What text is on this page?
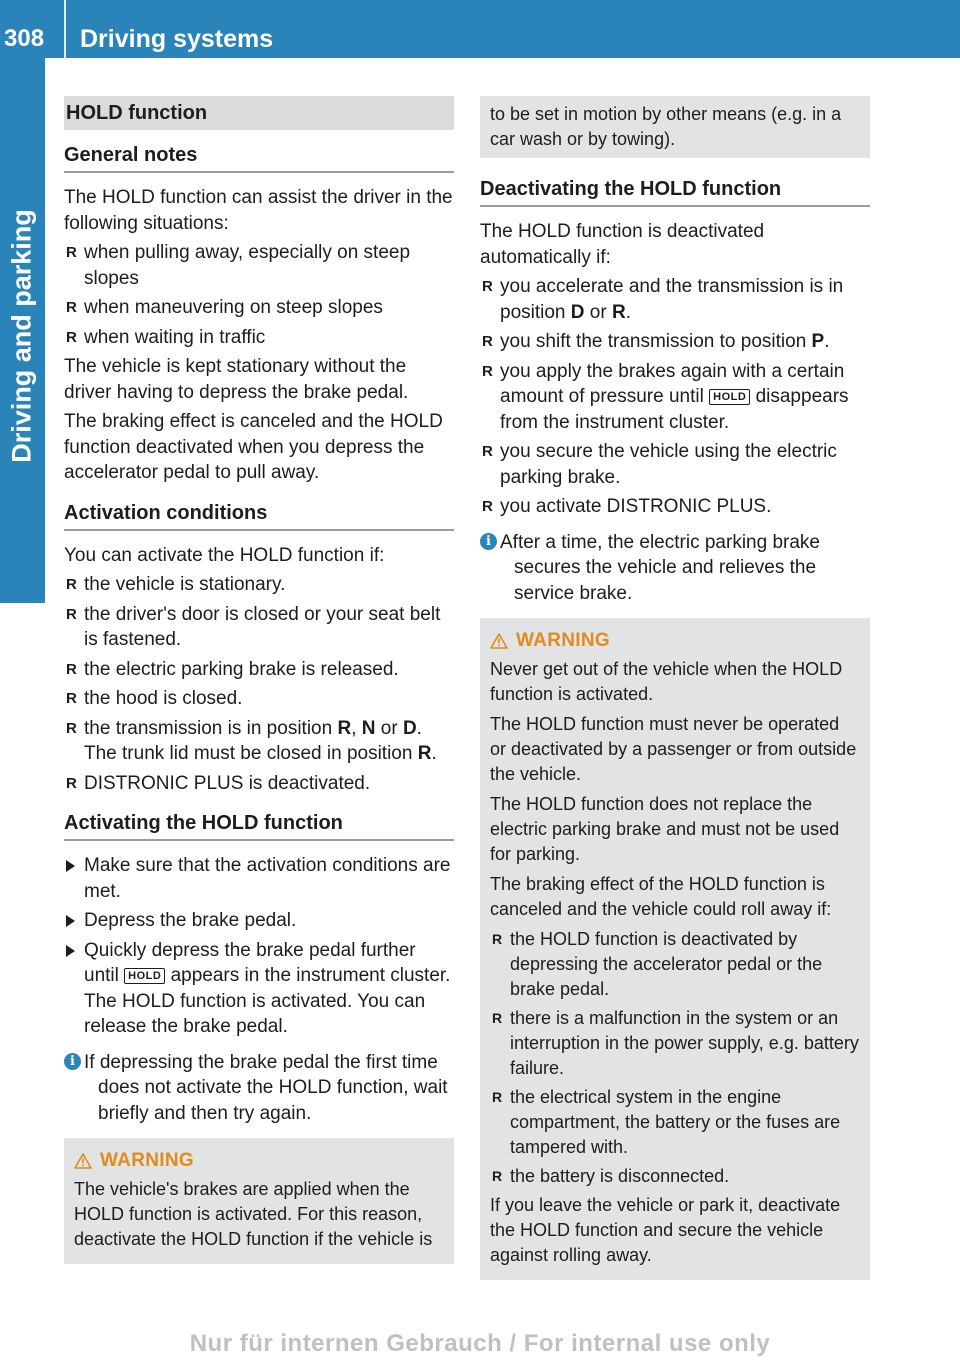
308	Driving systems
Driving and parking
HOLD function
General notes

The HOLD function can assist the driver in the following situations:

R when pulling away, especially on steep slopes
R when maneuvering on steep slopes
R when waiting in traffic

The vehicle is kept stationary without the driver having to depress the brake pedal.

The braking effect is canceled and the HOLD function deactivated when you depress the accelerator pedal to pull away.

Activation conditions

You can activate the HOLD function if:

R the vehicle is stationary.
R the driver's door is closed or your seat belt is fastened.
R the electric parking brake is released.
R the hood is closed.
R the transmission is in position R, N or D. The trunk lid must be closed in position R.
R DISTRONIC PLUS is deactivated.
Activating the HOLD function
Make sure that the activation conditions are met.
Depress the brake pedal.
Quickly depress the brake pedal further until HOLD appears in the instrument cluster.
The HOLD function is activated. You can release the brake pedal.
i If depressing the brake pedal the first time does not activate the HOLD function, wait briefly and then try again.
WARNING

The vehicle's brakes are applied when the HOLD function is activated. For this reason, deactivate the HOLD function if the vehicle is

to be set in motion by other means (e.g. in a car wash or by towing).
Deactivating the HOLD function

The HOLD function is deactivated automatically if:

R you accelerate and the transmission is in position D or R.
R you shift the transmission to position P.
R you apply the brakes again with a certain amount of pressure until HOLD disappears from the instrument cluster.
R you secure the vehicle using the electric parking brake.
R you activate DISTRONIC PLUS.
i After a time, the electric parking brake secures the vehicle and relieves the service brake.
WARNING

Never get out of the vehicle when the HOLD function is activated.

The HOLD function must never be operated or deactivated by a passenger or from outside the vehicle.

The HOLD function does not replace the electric parking brake and must not be used for parking.

The braking effect of the HOLD function is canceled and the vehicle could roll away if:

R the HOLD function is deactivated by depressing the accelerator pedal or the brake pedal.
R there is a malfunction in the system or an interruption in the power supply, e.g. battery failure.
R the electrical system in the engine compartment, the battery or the fuses are tampered with.
R the battery is disconnected.

If you leave the vehicle or park it, deactivate the HOLD function and secure the vehicle against rolling away.

Nur für internen Gebrauch / For internal use only
